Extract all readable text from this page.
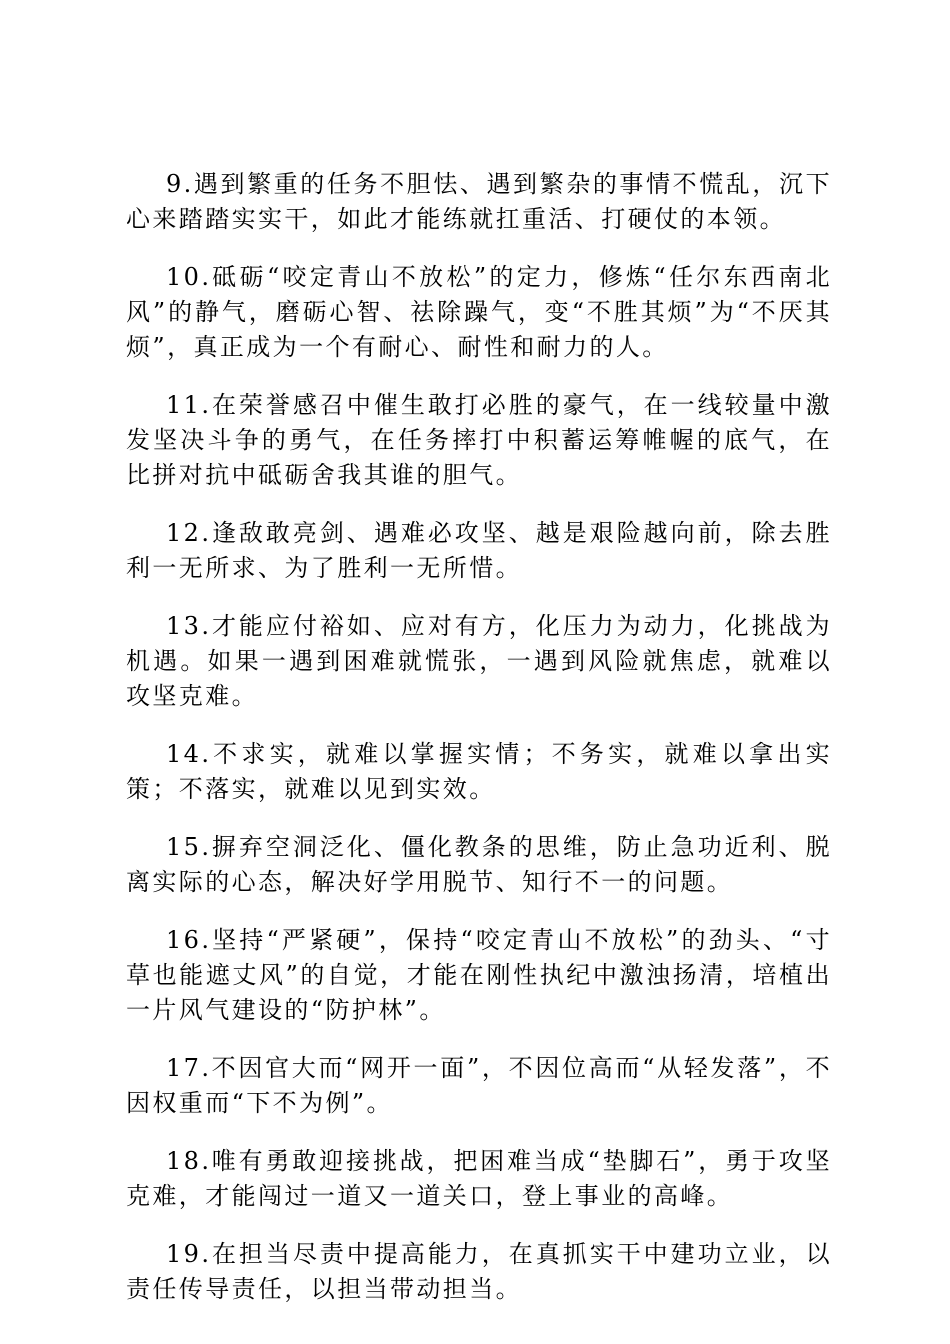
9.遇到繁重的任务不胆怯、遇到繁杂的事情不慌乱，沉下心来踏踏实实干，如此才能练就扛重活、打硬仗的本领。

10.砥砺“咬定青山不放松”的定力，修炼“任尔东西南北风”的静气，磨砺心智、祛除躁气，变“不胜其烦”为“不厌其烦”，真正成为一个有耐心、耐性和耐力的人。

11.在荣誉感召中催生敢打必胜的豪气，在一线较量中激发坚决斗争的勇气，在任务摔打中积蓄运筹帷幄的底气，在比拼对抗中砥砺舍我其谁的胆气。

12.逢敌敢亮剑、遇难必攻坚、越是艰险越向前，除去胜利一无所求、为了胜利一无所惜。

13.才能应付裕如、应对有方，化压力为动力，化挑战为机遇。如果一遇到困难就慌张，一遇到风险就焦虑，就难以攻坚克难。

14.不求实，就难以掌握实情；不务实，就难以拿出实策；不落实，就难以见到实效。

15.摒弃空洞泛化、僵化教条的思维，防止急功近利、脱离实际的心态，解决好学用脱节、知行不一的问题。

16.坚持“严紧硬”，保持“咬定青山不放松”的劲头、“寸草也能遮丈风”的自觉，才能在刚性执纪中激浊扬清，培植出一片风气建设的“防护林”。

17.不因官大而“网开一面”，不因位高而“从轻发落”，不因权重而“下不为例”。

18.唯有勇敢迎接挑战，把困难当成“垫脚石”，勇于攻坚克难，才能闯过一道又一道关口，登上事业的高峰。

19.在担当尽责中提高能力，在真抓实干中建功立业，以责任传导责任，以担当带动担当。
